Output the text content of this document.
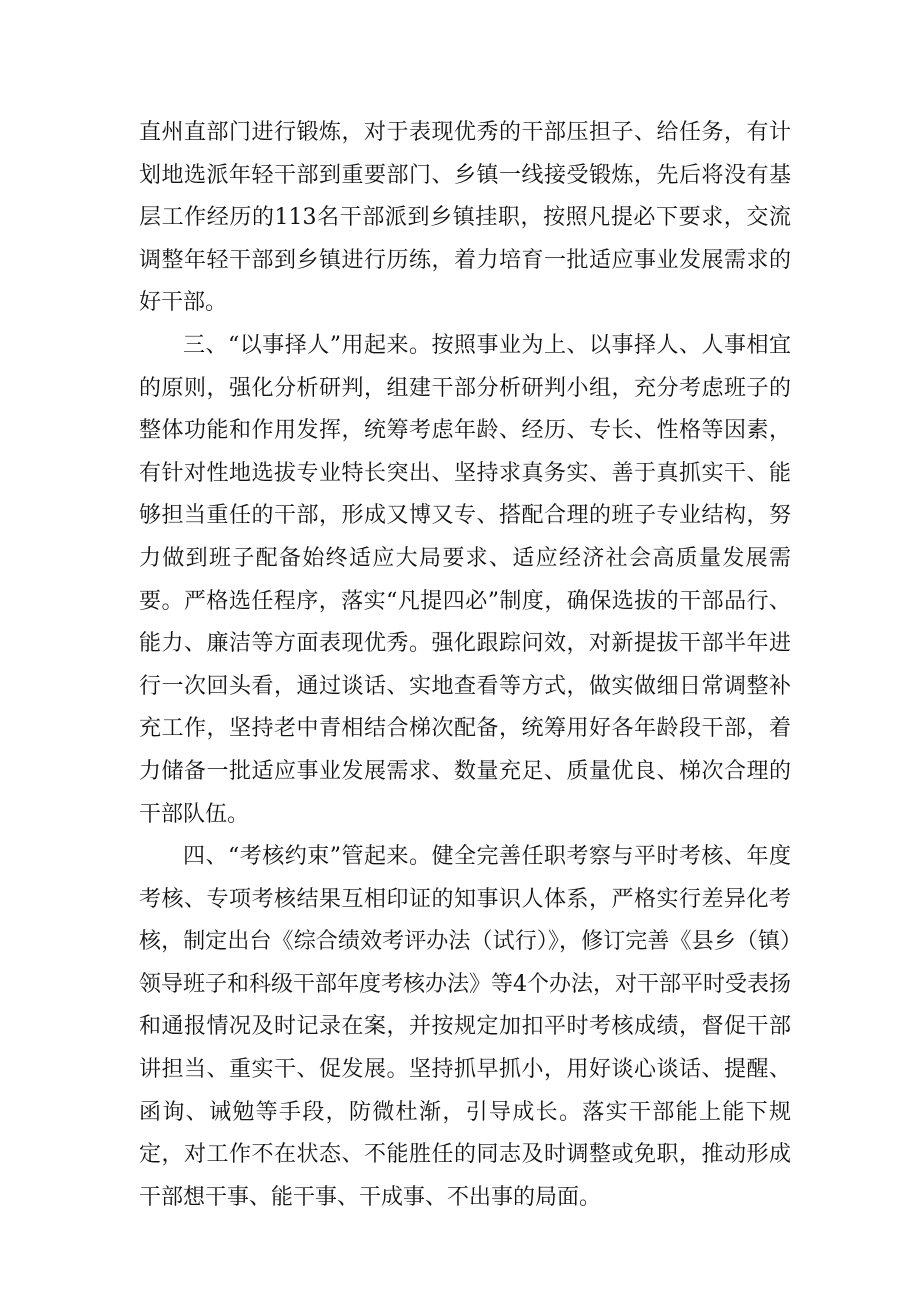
直州直部门进行锻炼，对于表现优秀的干部压担子、给任务，有计划地选派年轻干部到重要部门、乡镇一线接受锻炼，先后将没有基层工作经历的113名干部派到乡镇挂职，按照凡提必下要求，交流调整年轻干部到乡镇进行历练，着力培育一批适应事业发展需求的好干部。

三、“以事择人”用起来。按照事业为上、以事择人、人事相宜的原则，强化分析研判，组建干部分析研判小组，充分考虑班子的整体功能和作用发挥，统筹考虑年龄、经历、专长、性格等因素，有针对性地选拔专业特长突出、坚持求真务实、善于真抓实干、能够担当重任的干部，形成又博又专、搭配合理的班子专业结构，努力做到班子配备始终适应大局要求、适应经济社会高质量发展需要。严格选任程序，落实“凡提四必”制度，确保选拔的干部品行、能力、廉洁等方面表现优秀。强化跟踪问效，对新提拔干部半年进行一次回头看，通过谈话、实地查看等方式，做实做细日常调整补充工作，坚持老中青相结合梯次配备，统筹用好各年龄段干部，着力储备一批适应事业发展需求、数量充足、质量优良、梯次合理的干部队伍。

四、“考核约束”管起来。健全完善任职考察与平时考核、年度考核、专项考核结果互相印证的知事识人体系，严格实行差异化考核，制定出台《综合绩效考评办法（试行）》，修订完善《县乡（镇）领导班子和科级干部年度考核办法》等4个办法，对干部平时受表扬和通报情况及时记录在案，并按规定加扣平时考核成绩，督促干部讲担当、重实干、促发展。坚持抓早抓小，用好谈心谈话、提醒、函询、诫勉等手段，防微杜渐，引导成长。落实干部能上能下规定，对工作不在状态、不能胜任的同志及时调整或免职，推动形成干部想干事、能干事、干成事、不出事的局面。
